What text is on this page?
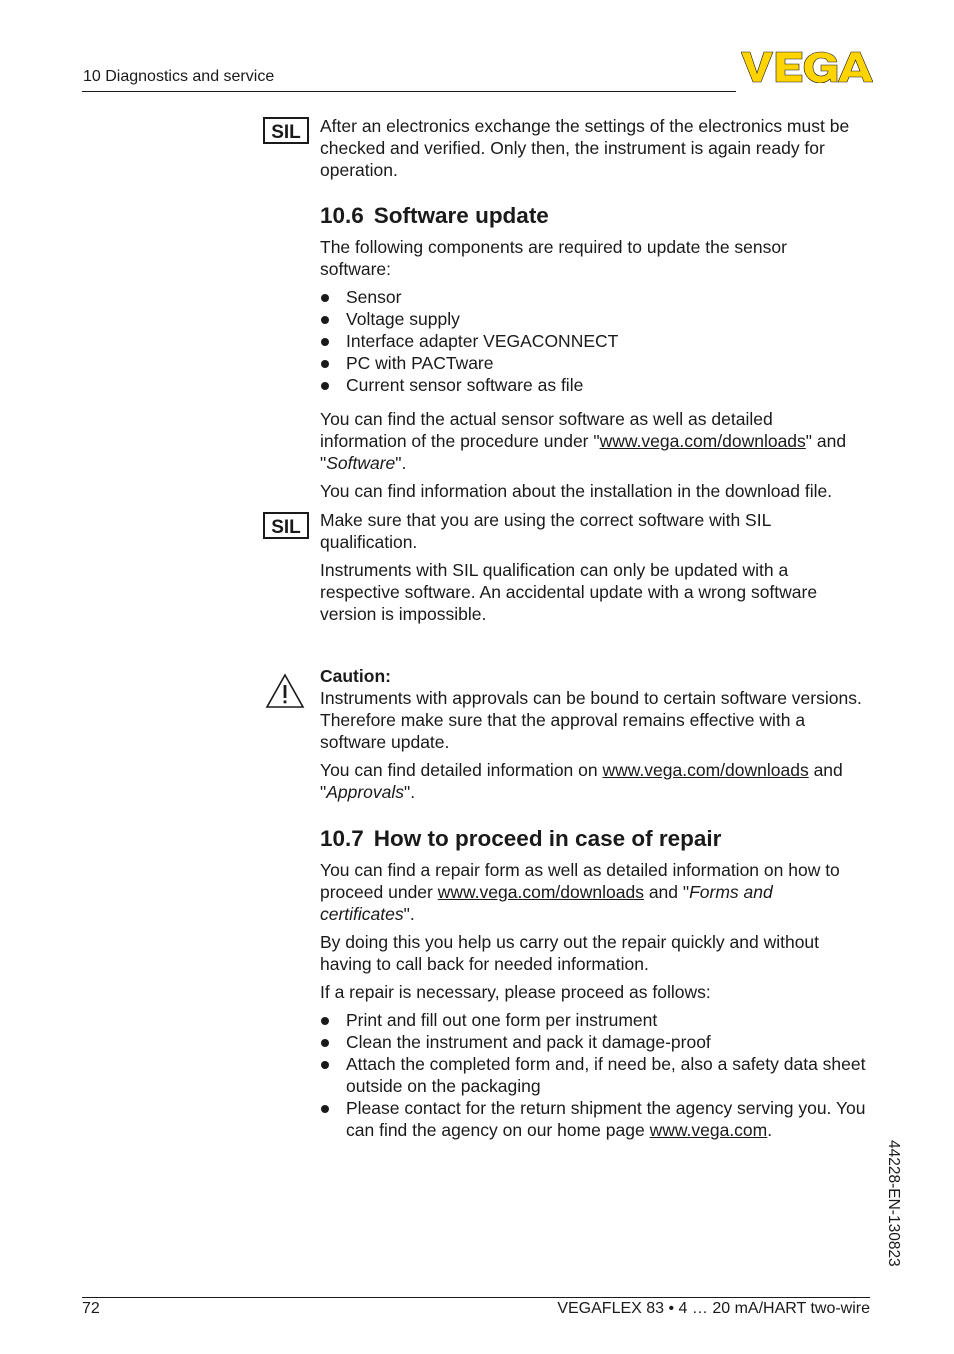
10 Diagnostics and service
SIL After an electronics exchange the settings of the electronics must be checked and verified. Only then, the instrument is again ready for operation.

10.6 Software update

The following components are required to update the sensor software:

Sensor
Voltage supply
Interface adapter VEGACONNECT
PC with PACTware
Current sensor software as file

You can find the actual sensor software as well as detailed information of the procedure under "www.vega.com/downloads" and "Software".

You can find information about the installation in the download file.

SIL Make sure that you are using the correct software with SIL qualification.

Instruments with SIL qualification can only be updated with a respective software. An accidental update with a wrong software version is impossible.

Caution:

Instruments with approvals can be bound to certain software versions. Therefore make sure that the approval remains effective with a software update.

You can find detailed information on www.vega.com/downloads and "Approvals".

10.7 How to proceed in case of repair

You can find a repair form as well as detailed information on how to proceed under www.vega.com/downloads and "Forms and certificates".

By doing this you help us carry out the repair quickly and without having to call back for needed information.

If a repair is necessary, please proceed as follows:

Print and fill out one form per instrument
Clean the instrument and pack it damage-proof
Attach the completed form and, if need be, also a safety data sheet outside on the packaging
Please contact for the return shipment the agency serving you. You can find the agency on our home page www.vega.com.
44228-EN-130823
72	VEGAFLEX 83 • 4 … 20 mA/HART two-wire
